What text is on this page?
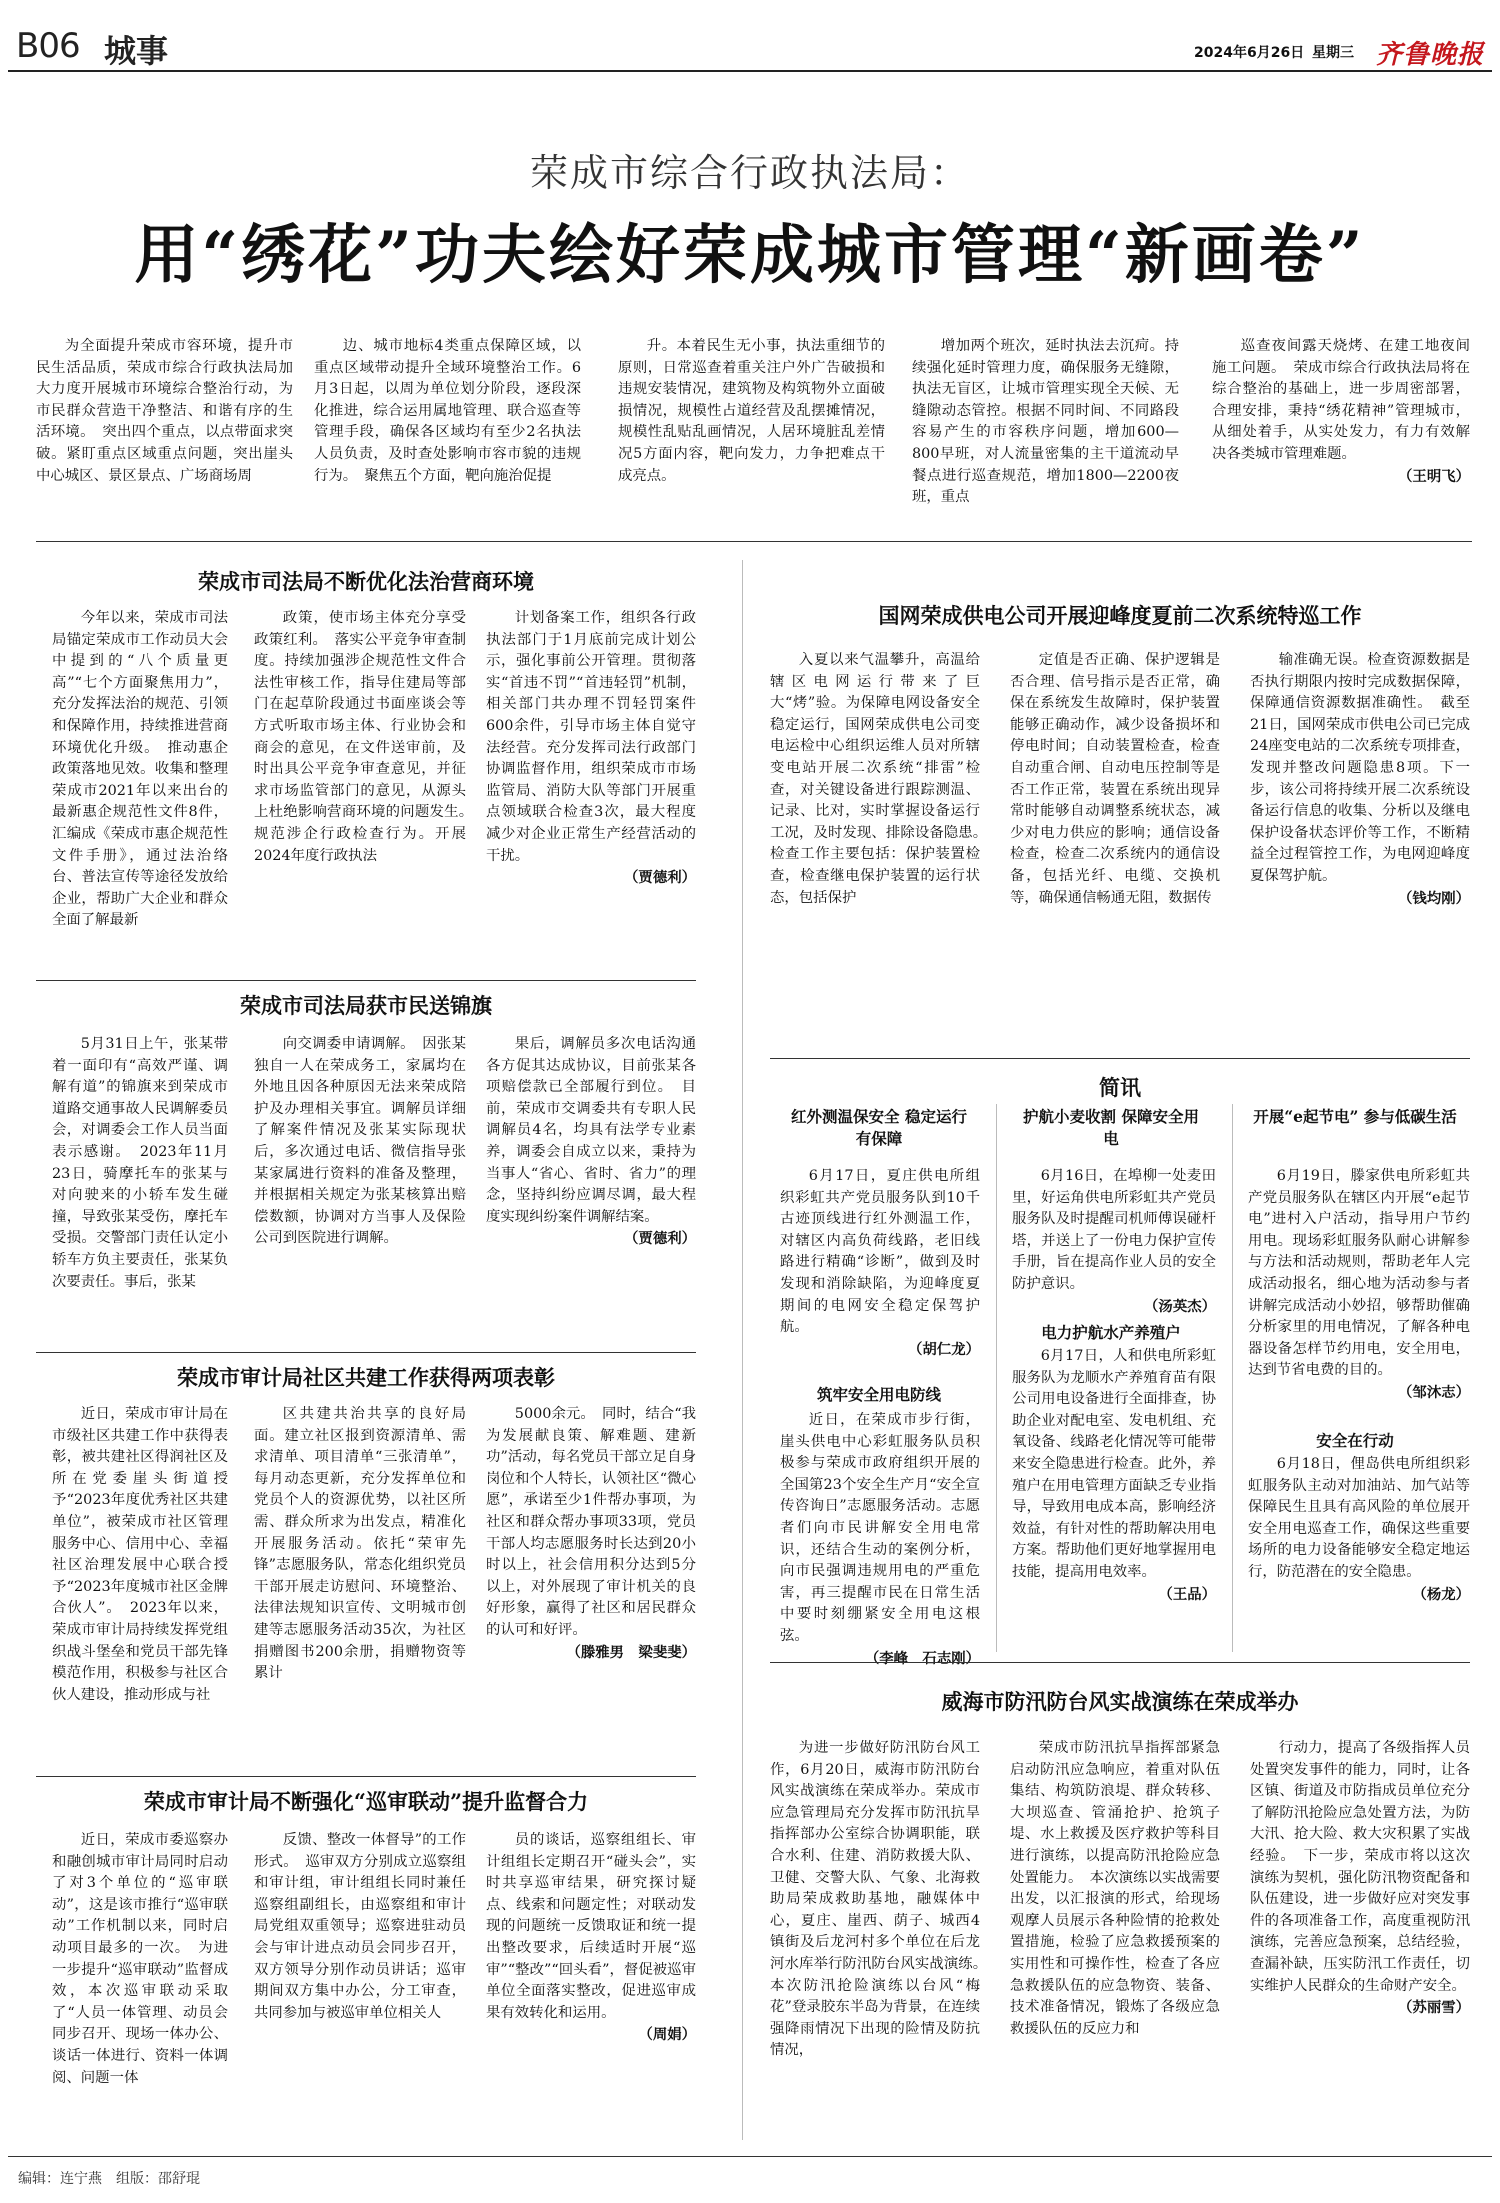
B06 城事	2024年6月26日 星期三 齐鲁晚报
荣成市综合行政执法局：
用“绣花”功夫绘好荣成城市管理“新画卷”

为全面提升荣成市容环境，提升市民生活品质，荣成市综合行政执法局加大力度开展城市环境综合整治行动，为市民群众营造干净整洁、和谐有序的生活环境。　突出四个重点，以点带面求突破。紧盯重点区域重点问题，突出崖头中心城区、景区景点、广场商场周

边、城市地标4类重点保障区域，以重点区域带动提升全域环境整治工作。6月3日起，以周为单位划分阶段，逐段深化推进，综合运用属地管理、联合巡查等管理手段，确保各区域均有至少2名执法人员负责，及时查处影响市容市貌的违规行为。　聚焦五个方面，靶向施治促提

升。本着民生无小事，执法重细节的原则，日常巡查着重关注户外广告破损和违规安装情况，建筑物及构筑物外立面破损情况，规模性占道经营及乱摆摊情况，规模性乱贴乱画情况，人居环境脏乱差情况5方面内容，靶向发力，力争把难点干成亮点。

增加两个班次，延时执法去沉疴。持续强化延时管理力度，确保服务无缝隙，执法无盲区，让城市管理实现全天候、无缝隙动态管控。根据不同时间、不同路段容易产生的市容秩序问题，增加600—800早班，对人流量密集的主干道流动早餐点进行巡查规范，增加1800—2200夜班，重点

巡查夜间露天烧烤、在建工地夜间施工问题。　荣成市综合行政执法局将在综合整治的基础上，进一步周密部署，合理安排，秉持“绣花精神”管理城市，从细处着手，从实处发力，有力有效解决各类城市管理难题。

（王明飞）

荣成市司法局不断优化法治营商环境

今年以来，荣成市司法局锚定荣成市工作动员大会中提到的“八个质量更高”“七个方面聚焦用力”，充分发挥法治的规范、引领和保障作用，持续推进营商环境优化升级。　推动惠企政策落地见效。收集和整理荣成市2021年以来出台的最新惠企规范性文件8件，汇编成《荣成市惠企规范性文件手册》，通过法治络台、普法宣传等途径发放给企业，帮助广大企业和群众全面了解最新

政策，使市场主体充分享受政策红利。　落实公平竞争审查制度。持续加强涉企规范性文件合法性审核工作，指导住建局等部门在起草阶段通过书面座谈会等方式听取市场主体、行业协会和商会的意见，在文件送审前，及时出具公平竞争审查意见，并征求市场监管部门的意见，从源头上杜绝影响营商环境的问题发生。　规范涉企行政检查行为。开展2024年度行政执法

计划备案工作，组织各行政执法部门于1月底前完成计划公示，强化事前公开管理。贯彻落实“首违不罚”“首违轻罚”机制，相关部门共办理不罚轻罚案件600余件，引导市场主体自觉守法经营。充分发挥司法行政部门协调监督作用，组织荣成市市场监管局、消防大队等部门开展重点领域联合检查3次，最大程度减少对企业正常生产经营活动的干扰。

（贾德利）

荣成市司法局获市民送锦旗

5月31日上午，张某带着一面印有“高效严谨、调解有道”的锦旗来到荣成市道路交通事故人民调解委员会，对调委会工作人员当面表示感谢。　2023年11月23日，骑摩托车的张某与对向驶来的小轿车发生碰撞，导致张某受伤，摩托车受损。交警部门责任认定小轿车方负主要责任，张某负次要责任。事后，张某

向交调委申请调解。　因张某独自一人在荣成务工，家属均在外地且因各种原因无法来荣成陪护及办理相关事宜。调解员详细了解案件情况及张某实际现状后，多次通过电话、微信指导张某家属进行资料的准备及整理，并根据相关规定为张某核算出赔偿数额，协调对方当事人及保险公司到医院进行调解。

果后，调解员多次电话沟通各方促其达成协议，目前张某各项赔偿款已全部履行到位。　目前，荣成市交调委共有专职人民调解员4名，均具有法学专业素养，调委会自成立以来，秉持为当事人“省心、省时、省力”的理念，坚持纠纷应调尽调，最大程度实现纠纷案件调解结案。

（贾德利）

荣成市审计局社区共建工作获得两项表彰

近日，荣成市审计局在市级社区共建工作中获得表彰，被共建社区得润社区及所在党委崖头街道授予“2023年度优秀社区共建单位”，被荣成市社区管理服务中心、信用中心、幸福社区治理发展中心联合授予“2023年度城市社区金牌合伙人”。　2023年以来，荣成市审计局持续发挥党组织战斗堡垒和党员干部先锋模范作用，积极参与社区合伙人建设，推动形成与社

区共建共治共享的良好局面。建立社区报到资源清单、需求清单、项目清单“三张清单”，每月动态更新，充分发挥单位和党员个人的资源优势，以社区所需、群众所求为出发点，精准化开展服务活动。依托“荣审先锋”志愿服务队，常态化组织党员干部开展走访慰问、环境整治、法律法规知识宣传、文明城市创建等志愿服务活动35次，为社区捐赠图书200余册，捐赠物资等累计

5000余元。　同时，结合“我为发展献良策、解难题、建新功”活动，每名党员干部立足自身岗位和个人特长，认领社区“微心愿”，承诺至少1件帮办事项，为社区和群众帮办事项33项，党员干部人均志愿服务时长达到20小时以上，社会信用积分达到5分以上，对外展现了审计机关的良好形象，赢得了社区和居民群众的认可和好评。

（滕雅男　梁斐斐）

荣成市审计局不断强化“巡审联动”提升监督合力

近日，荣成市委巡察办和融创城市审计局同时启动了对3个单位的“巡审联动”，这是该市推行“巡审联动”工作机制以来，同时启动项目最多的一次。　为进一步提升“巡审联动”监督成效，本次巡审联动采取了“人员一体管理、动员会同步召开、现场一体办公、谈话一体进行、资料一体调阅、问题一体

反馈、整改一体督导”的工作形式。　巡审双方分别成立巡察组和审计组，审计组组长同时兼任巡察组副组长，由巡察组和审计局党组双重领导；巡察进驻动员会与审计进点动员会同步召开，双方领导分别作动员讲话；巡审期间双方集中办公，分工审查，共同参加与被巡审单位相关人

员的谈话，巡察组组长、审计组组长定期召开“碰头会”，实时共享巡审结果，研究探讨疑点、线索和问题定性；对联动发现的问题统一反馈取证和统一提出整改要求，后续适时开展“巡审”“整改”“回头看”，督促被巡审单位全面落实整改，促进巡审成果有效转化和运用。

（周娟）

国网荣成供电公司开展迎峰度夏前二次系统特巡工作

入夏以来气温攀升，高温给辖区电网运行带来了巨大“烤”验。为保障电网设备安全稳定运行，国网荣成供电公司变电运检中心组织运维人员对所辖变电站开展二次系统“排雷”检查，对关键设备进行跟踪测温、记录、比对，实时掌握设备运行工况，及时发现、排除设备隐患。　检查工作主要包括：保护装置检查，检查继电保护装置的运行状态，包括保护

定值是否正确、保护逻辑是否合理、信号指示是否正常，确保在系统发生故障时，保护装置能够正确动作，减少设备损坏和停电时间；自动装置检查，检查自动重合闸、自动电压控制等是否工作正常，装置在系统出现异常时能够自动调整系统状态，减少对电力供应的影响；通信设备检查，检查二次系统内的通信设备，包括光纤、电缆、交换机等，确保通信畅通无阻，数据传

输准确无误。检查资源数据是否执行期限内按时完成数据保障，保障通信资源数据准确性。　截至21日，国网荣成市供电公司已完成24座变电站的二次系统专项排查，发现并整改问题隐患8项。下一步，该公司将持续开展二次系统设备运行信息的收集、分析以及继电保护设备状态评价等工作，不断精益全过程管控工作，为电网迎峰度夏保驾护航。

（钱均刚）

简讯
红外测温保安全 稳定运行有保障

6月17日，夏庄供电所组织彩虹共产党员服务队到10千古迹顶线进行红外测温工作，对辖区内高负荷线路，老旧线路进行精确“诊断”，做到及时发现和消除缺陷，为迎峰度夏期间的电网安全稳定保驾护航。

（胡仁龙）

筑牢安全用电防线

近日，在荣成市步行街，崖头供电中心彩虹服务队员积极参与荣成市政府组织开展的全国第23个安全生产月“安全宣传咨询日”志愿服务活动。志愿者们向市民讲解安全用电常识，还结合生动的案例分析，向市民强调违规用电的严重危害，再三提醒市民在日常生活中要时刻绷紧安全用电这根弦。

（李峰　石志刚）

护航小麦收割 保障安全用电

6月16日，在埠柳一处麦田里，好运角供电所彩虹共产党员服务队及时提醒司机师傅误碰杆塔，并送上了一份电力保护宣传手册，旨在提高作业人员的安全防护意识。

（汤英杰）

电力护航水产养殖户

6月17日，人和供电所彩虹服务队为龙顺水产养殖育苗有限公司用电设备进行全面排查，协助企业对配电室、发电机组、充氧设备、线路老化情况等可能带来安全隐患进行检查。此外，养殖户在用电管理方面缺乏专业指导，导致用电成本高，影响经济效益，有针对性的帮助解决用电方案。帮助他们更好地掌握用电技能，提高用电效率。

（王品）

开展“e起节电” 参与低碳生活

6月19日，滕家供电所彩虹共产党员服务队在辖区内开展“e起节电”进村入户活动，指导用户节约用电。现场彩虹服务队耐心讲解参与方法和活动规则，帮助老年人完成活动报名，细心地为活动参与者讲解完成活动小妙招，够帮助催确分析家里的用电情况，了解各种电器设备怎样节约用电，安全用电，达到节省电费的目的。

（邹沐志）

安全在行动

6月18日，俚岛供电所组织彩虹服务队主动对加油站、加气站等保障民生且具有高风险的单位展开安全用电巡查工作，确保这些重要场所的电力设备能够安全稳定地运行，防范潜在的安全隐患。

（杨龙）

威海市防汛防台风实战演练在荣成举办

为进一步做好防汛防台风工作，6月20日，威海市防汛防台风实战演练在荣成举办。荣成市应急管理局充分发挥市防汛抗旱指挥部办公室综合协调职能，联合水利、住建、消防救援大队、卫健、交警大队、气象、北海救助局荣成救助基地，融媒体中心，夏庄、崖西、荫子、城西4镇街及后龙河村多个单位在后龙河水库举行防汛防台风实战演练。　本次防汛抢险演练以台风“梅花”登录胶东半岛为背景，在连续强降雨情况下出现的险情及防抗情况，

荣成市防汛抗旱指挥部紧急启动防汛应急响应，着重对队伍集结、构筑防浪堤、群众转移、大坝巡查、管涌抢护、抢筑子堤、水上救援及医疗救护等科目进行演练，以提高防汛抢险应急处置能力。　本次演练以实战需要出发，以汇报演的形式，给现场观摩人员展示各种险情的抢救处置措施，检验了应急救援预案的实用性和可操作性，检查了各应急救援队伍的应急物资、装备、技术准备情况，锻炼了各级应急救援队伍的反应力和

行动力，提高了各级指挥人员处置突发事件的能力，同时，让各区镇、街道及市防指成员单位充分了解防汛抢险应急处置方法，为防大汛、抢大险、救大灾积累了实战经验。　下一步，荣成市将以这次演练为契机，强化防汛物资配备和队伍建设，进一步做好应对突发事件的各项准备工作，高度重视防汛演练，完善应急预案，总结经验，查漏补缺，压实防汛工作责任，切实维护人民群众的生命财产安全。

（苏丽雪）

编辑：连宁燕　组版：邵舒琨
